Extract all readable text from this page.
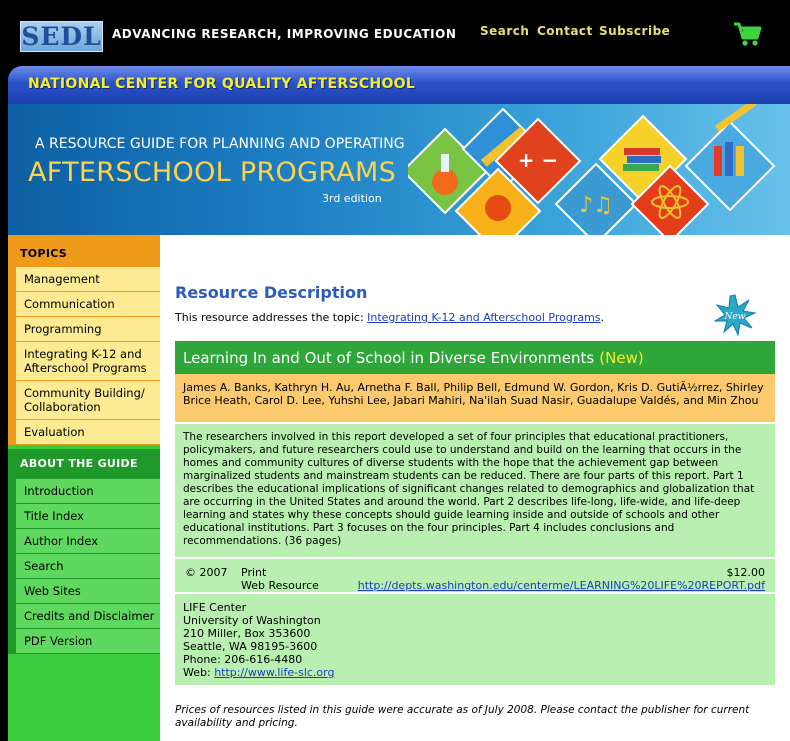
SEDL ADVANCING RESEARCH, IMPROVING EDUCATION Search Contact Subscribe
NATIONAL CENTER FOR QUALITY AFTERSCHOOL
A RESOURCE GUIDE FOR PLANNING AND OPERATING
AFTERSCHOOL PROGRAMS
3rd edition
+ −
♪♫
TOPICS
Management
Communication
Programming
Integrating K-12 and Afterschool Programs
Community Building/ Collaboration
Evaluation
ABOUT THE GUIDE
Introduction
Title Index
Author Index
Search
Web Sites
Credits and Disclaimer
PDF Version
Resource Description
This resource addresses the topic: Integrating K-12 and Afterschool Programs.	New
Learning In and Out of School in Diverse Environments (New)
James A. Banks, Kathryn H. Au, Arnetha F. Ball, Philip Bell, Edmund W. Gordon, Kris D. GutiÃ½rrez, Shirley Brice Heath, Carol D. Lee, Yuhshi Lee, Jabari Mahiri, Na'ilah Suad Nasir, Guadalupe Valdés, and Min Zhou
The researchers involved in this report developed a set of four principles that educational practitioners, policymakers, and future researchers could use to understand and build on the learning that occurs in the homes and community cultures of diverse students with the hope that the achievement gap between marginalized students and mainstream students can be reduced. There are four parts of this report. Part 1 describes the educational implications of significant changes related to demographics and globalization that are occurring in the United States and around the world. Part 2 describes life-long, life-wide, and life-deep learning and states why these concepts should guide learning inside and outside of schools and other educational institutions. Part 3 focuses on the four principles. Part 4 includes conclusions and recommendations. (36 pages)
© 2007 Print
Web Resource
$12.00
http://depts.washington.edu/centerme/LEARNING%20LIFE%20REPORT.pdf
LIFE Center
University of Washington
210 Miller, Box 353600
Seattle, WA 98195-3600
Phone: 206-616-4480
Web: http://www.life-slc.org
Prices of resources listed in this guide were accurate as of July 2008. Please contact the publisher for current availability and pricing.
